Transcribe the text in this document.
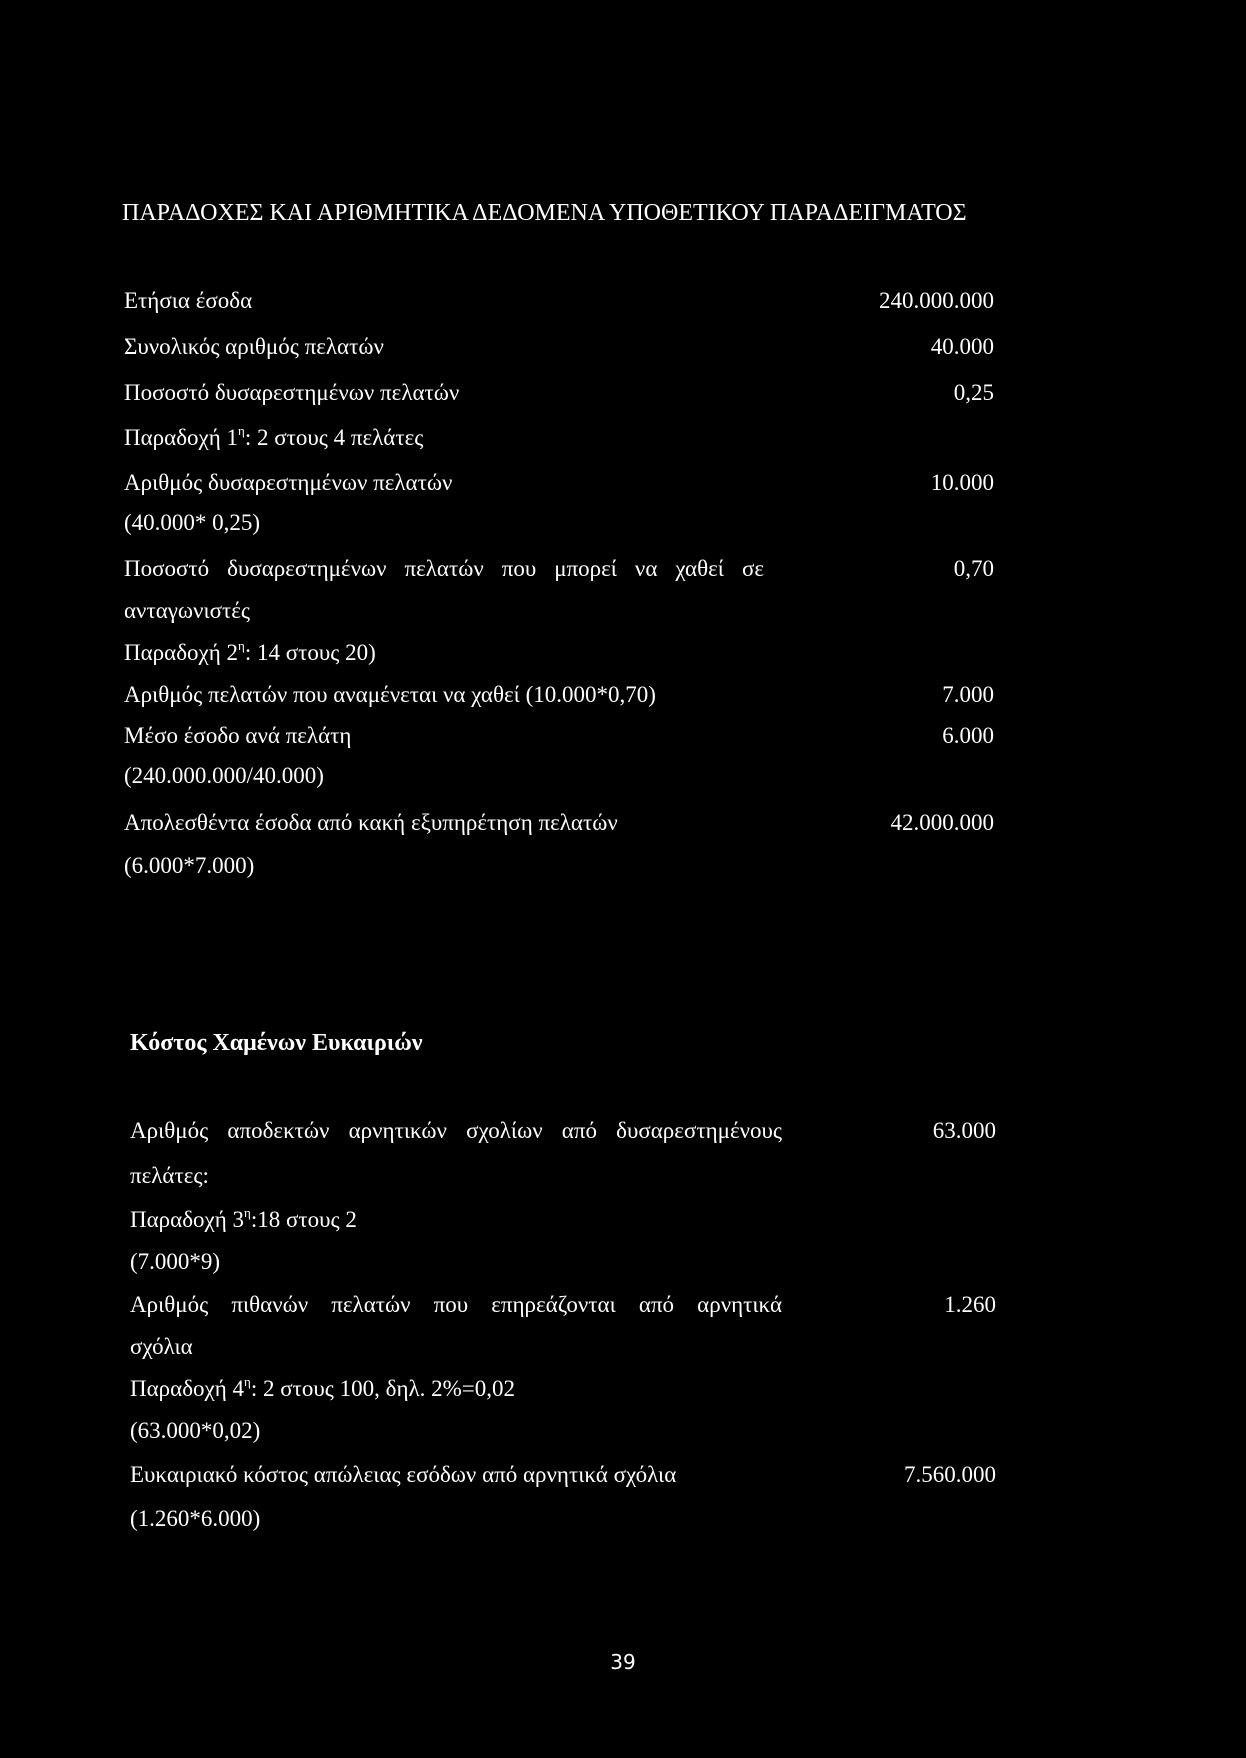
ΠΑΡΑΔΟΧΕΣ ΚΑΙ ΑΡΙΘΜΗΤΙΚΑ ΔΕΔΟΜΕΝΑ ΥΠΟΘΕΤΙΚΟΥ ΠΑΡΑΔΕΙΓΜΑΤΟΣ
Ετήσια έσοδα	240.000.000
Συνολικός αριθμός πελατών	40.000
Ποσοστό δυσαρεστημένων πελατών	0,25
Παραδοχή $1^\eta$: 2 στους 4 πελάτες
Αριθμός δυσαρεστημένων πελατών	10.000
(40.000* 0,25)
Ποσοστό δυσαρεστημένων πελατών που μπορεί να χαθεί σε	0,70
ανταγωνιστές
Παραδοχή $2^\eta$: 14 στους 20)
Αριθμός πελατών που αναμένεται να χαθεί (10.000*0,70)	7.000
Μέσο έσοδο ανά πελάτη	6.000
(240.000.000/40.000)
Απολεσθέντα έσοδα από κακή εξυπηρέτηση πελατών	42.000.000
(6.000*7.000)
Κόστος Χαμένων Ευκαιριών
Αριθμός αποδεκτών αρνητικών σχολίων από δυσαρεστημένους	63.000
πελάτες:
Παραδοχή $3^\eta:18$ στους 2
(7.000*9)
Αριθμός πιθανών πελατών που επηρεάζονται από αρνητικά	1.260
σχόλια
Παραδοχή $4^\eta$: 2 στους 100, δηλ. 2%=0,02
(63.000*0,02)
Ευκαιριακό κόστος απώλειας εσόδων από αρνητικά σχόλια	7.560.000
(1.260*6.000)
39
